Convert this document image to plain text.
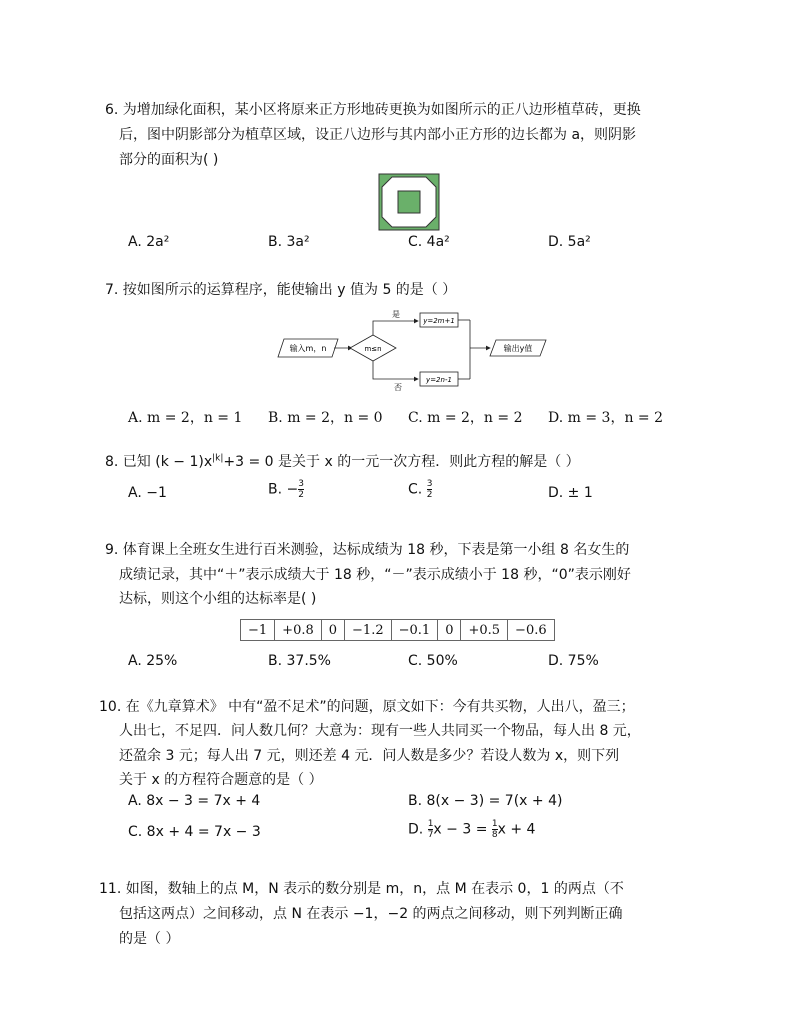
6. 为增加绿化面积，某小区将原来正方形地砖更换为如图所示的正八边形植草砖，更换
后，图中阴影部分为植草区域，设正八边形与其内部小正方形的边长都为 a，则阴影
部分的面积为( )
A. 2a²	B. 3a²	C. 4a²	D. 5a²
7. 按如图所示的运算程序，能使输出 y 值为 5 的是（ ）
输入m，n	m≤n
是
否
y=2m+1
y=2n-1
输出y值
A. m = 2，n = 1 B. m = 2，n = 0 C. m = 2，n = 2 D. m = 3，n = 2
8. 已知 $(k - 1)x^{|k|}+3 = 0$ 是关于 x 的一元一次方程．则此方程的解是（ ）
A. −1	B. − $\frac{3}{2}$	C. $\frac{3}{2}$	D. ± 1
9. 体育课上全班女生进行百米测验，达标成绩为 18 秒，下表是第一小组 8 名女生的
成绩记录，其中“＋”表示成绩大于 18 秒，“－”表示成绩小于 18 秒，“0”表示刚好
达标，则这个小组的达标率是( )
−1	+0.8	0	−1.2	−0.1	0	+0.5	−0.6
A. 25%	B. 37.5%	C. 50%	D. 75%
10. 在《九章算术》 中有“盈不足术”的问题，原文如下：今有共买物，人出八，盈三；
人出七，不足四．问人数几何？大意为：现有一些人共同买一个物品，每人出 8 元，
还盈余 3 元；每人出 7 元，则还差 4 元．问人数是多少？若设人数为 x，则下列
关于 x 的方程符合题意的是（ ）
A. 8x − 3 = 7x + 4	B. 8(x − 3) = 7(x + 4)
C. 8x + 4 = 7x − 3	D. $\frac{1}{7}$ $x - 3 = \frac{1}{8}$ x + 4
11. 如图，数轴上的点 M，N 表示的数分别是 m，n，点 M 在表示 0，1 的两点（不
包括这两点）之间移动，点 N 在表示 −1，−2 的两点之间移动，则下列判断正确
的是（ ）
